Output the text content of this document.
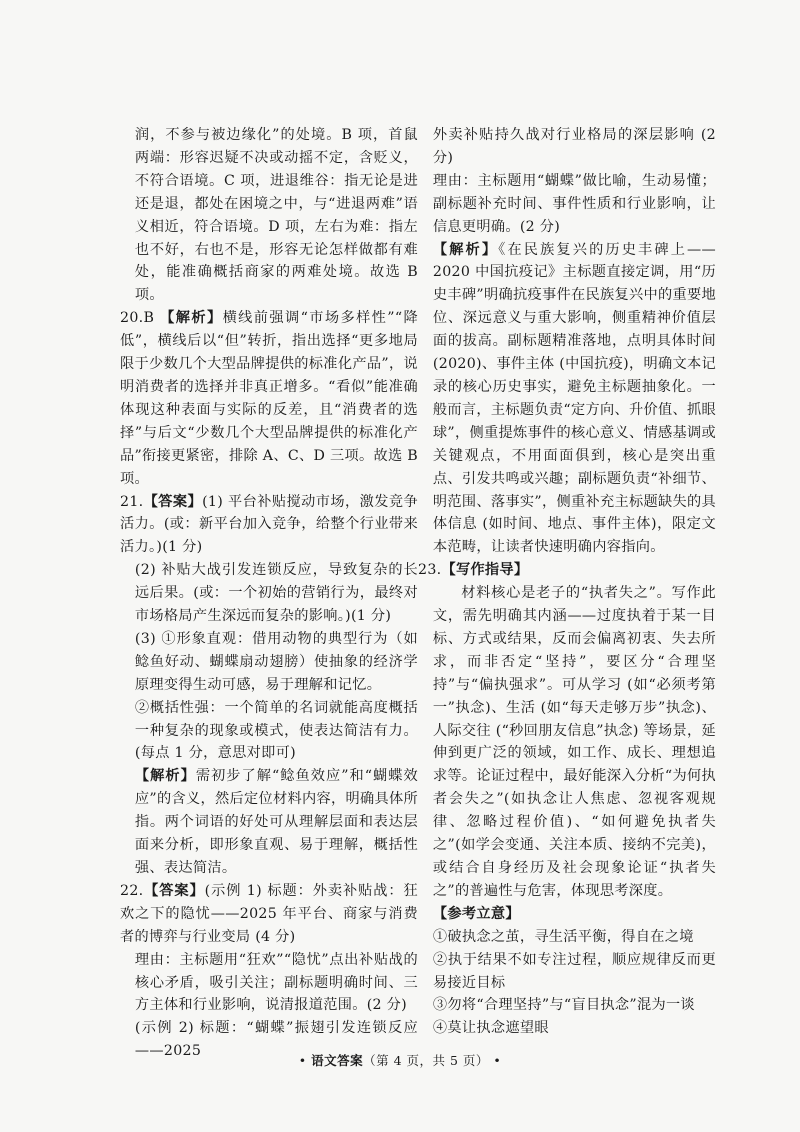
润，不参与被边缘化”的处境。B 项，首鼠两端：形容迟疑不决或动摇不定，含贬义，不符合语境。C 项，进退维谷：指无论是进还是退，都处在困境之中，与“进退两难”语义相近，符合语境。D 项，左右为难：指左也不好，右也不是，形容无论怎样做都有难处，能准确概括商家的两难处境。故选 B 项。

20.B 【解析】横线前强调“市场多样性”“降低”，横线后以“但”转折，指出选择“更多地局限于少数几个大型品牌提供的标准化产品”，说明消费者的选择并非真正增多。“看似”能准确体现这种表面与实际的反差，且“消费者的选择”与后文“少数几个大型品牌提供的标准化产品”衔接更紧密，排除 A、C、D 三项。故选 B 项。

21.【答案】(1) 平台补贴搅动市场，激发竞争活力。(或：新平台加入竞争，给整个行业带来活力。)(1 分)

(2) 补贴大战引发连锁反应，导致复杂的长远后果。(或：一个初始的营销行为，最终对市场格局产生深远而复杂的影响。)(1 分)

(3) ①形象直观：借用动物的典型行为（如鲶鱼好动、蝴蝶扇动翅膀）使抽象的经济学原理变得生动可感，易于理解和记忆。

②概括性强：一个简单的名词就能高度概括一种复杂的现象或模式，使表达简洁有力。(每点 1 分，意思对即可)

【解析】需初步了解“鲶鱼效应”和“蝴蝶效应”的含义，然后定位材料内容，明确具体所指。两个词语的好处可从理解层面和表达层面来分析，即形象直观、易于理解，概括性强、表达简洁。

22.【答案】(示例 1) 标题：外卖补贴战：狂欢之下的隐忧——2025 年平台、商家与消费者的博弈与行业变局 (4 分)

理由：主标题用“狂欢”“隐忧”点出补贴战的核心矛盾，吸引关注；副标题明确时间、三方主体和行业影响，说清报道范围。(2 分)

(示例 2) 标题：“蝴蝶”振翅引发连锁反应——2025

外卖补贴持久战对行业格局的深层影响 (2 分)

理由：主标题用“蝴蝶”做比喻，生动易懂；副标题补充时间、事件性质和行业影响，让信息更明确。(2 分)

【解析】《在民族复兴的历史丰碑上——2020 中国抗疫记》主标题直接定调，用“历史丰碑”明确抗疫事件在民族复兴中的重要地位、深远意义与重大影响，侧重精神价值层面的拔高。副标题精准落地，点明具体时间 (2020)、事件主体 (中国抗疫)，明确文本记录的核心历史事实，避免主标题抽象化。一般而言，主标题负责“定方向、升价值、抓眼球”，侧重提炼事件的核心意义、情感基调或关键观点，不用面面俱到，核心是突出重点、引发共鸣或兴趣；副标题负责“补细节、明范围、落事实”，侧重补充主标题缺失的具体信息 (如时间、地点、事件主体)，限定文本范畴，让读者快速明确内容指向。

23.【写作指导】

材料核心是老子的“执者失之”。写作此文，需先明确其内涵——过度执着于某一目标、方式或结果，反而会偏离初衷、失去所求，而非否定“坚持”，要区分“合理坚持”与“偏执强求”。可从学习 (如“必须考第一”执念)、生活 (如“每天走够万步”执念)、人际交往 (“秒回朋友信息”执念) 等场景，延伸到更广泛的领域，如工作、成长、理想追求等。论证过程中，最好能深入分析“为何执者会失之”(如执念让人焦虑、忽视客观规律、忽略过程价值)、“如何避免执者失之”(如学会变通、关注本质、接纳不完美)，或结合自身经历及社会现象论证“执者失之”的普遍性与危害，体现思考深度。

【参考立意】

①破执念之茧，寻生活平衡，得自在之境

②执于结果不如专注过程，顺应规律反而更易接近目标

③勿将“合理坚持”与“盲目执念”混为一谈

④莫让执念遮望眼

• 语文答案（第 4 页，共 5 页） •
